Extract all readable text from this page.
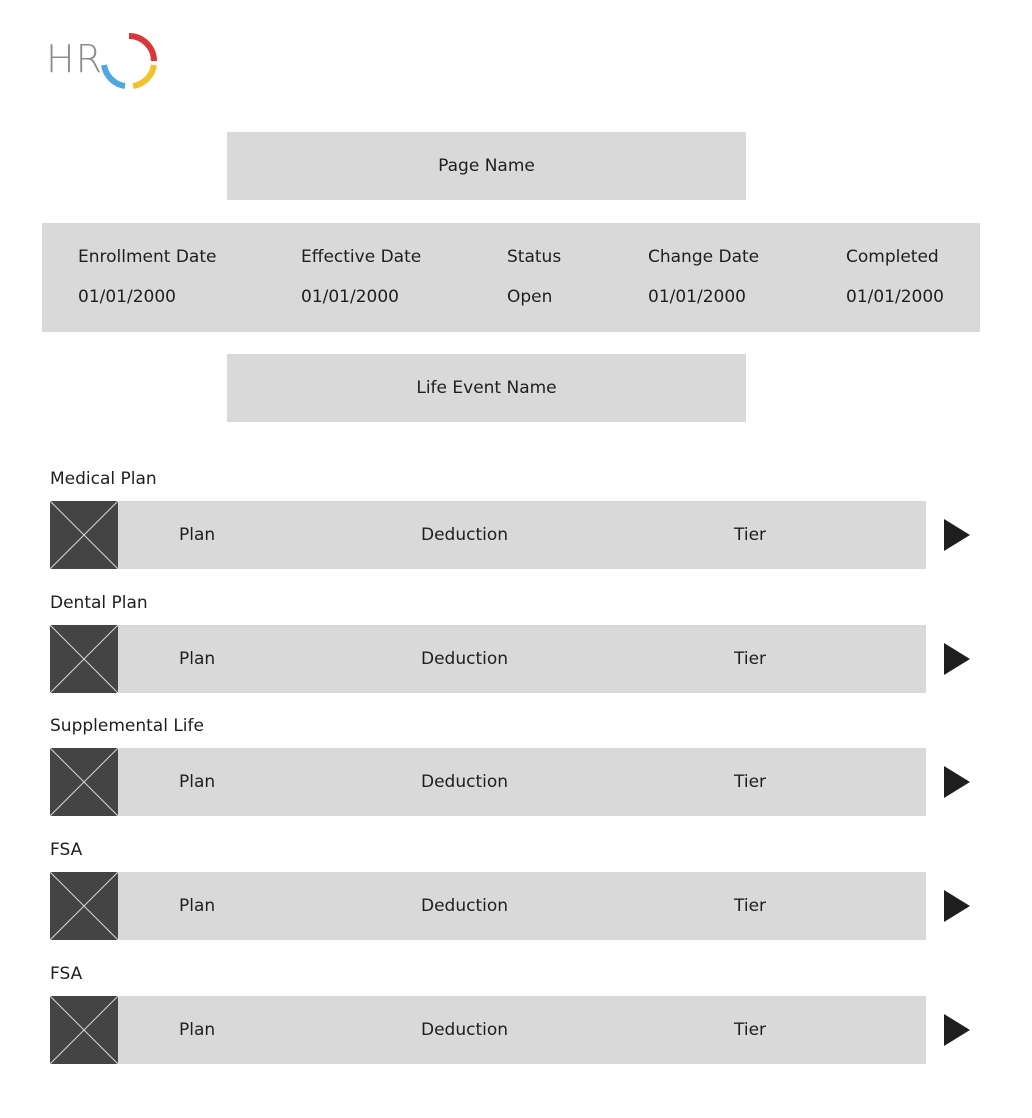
HR
Page Name
Enrollment Date
01/01/2000
Effective Date
01/01/2000
Status
Open
Change Date
01/01/2000
Completed
01/01/2000
Life Event Name
Medical Plan
Plan	Deduction	Tier
Dental Plan
Plan	Deduction	Tier
Supplemental Life
Plan	Deduction	Tier
FSA
Plan	Deduction	Tier
FSA
Plan	Deduction	Tier
